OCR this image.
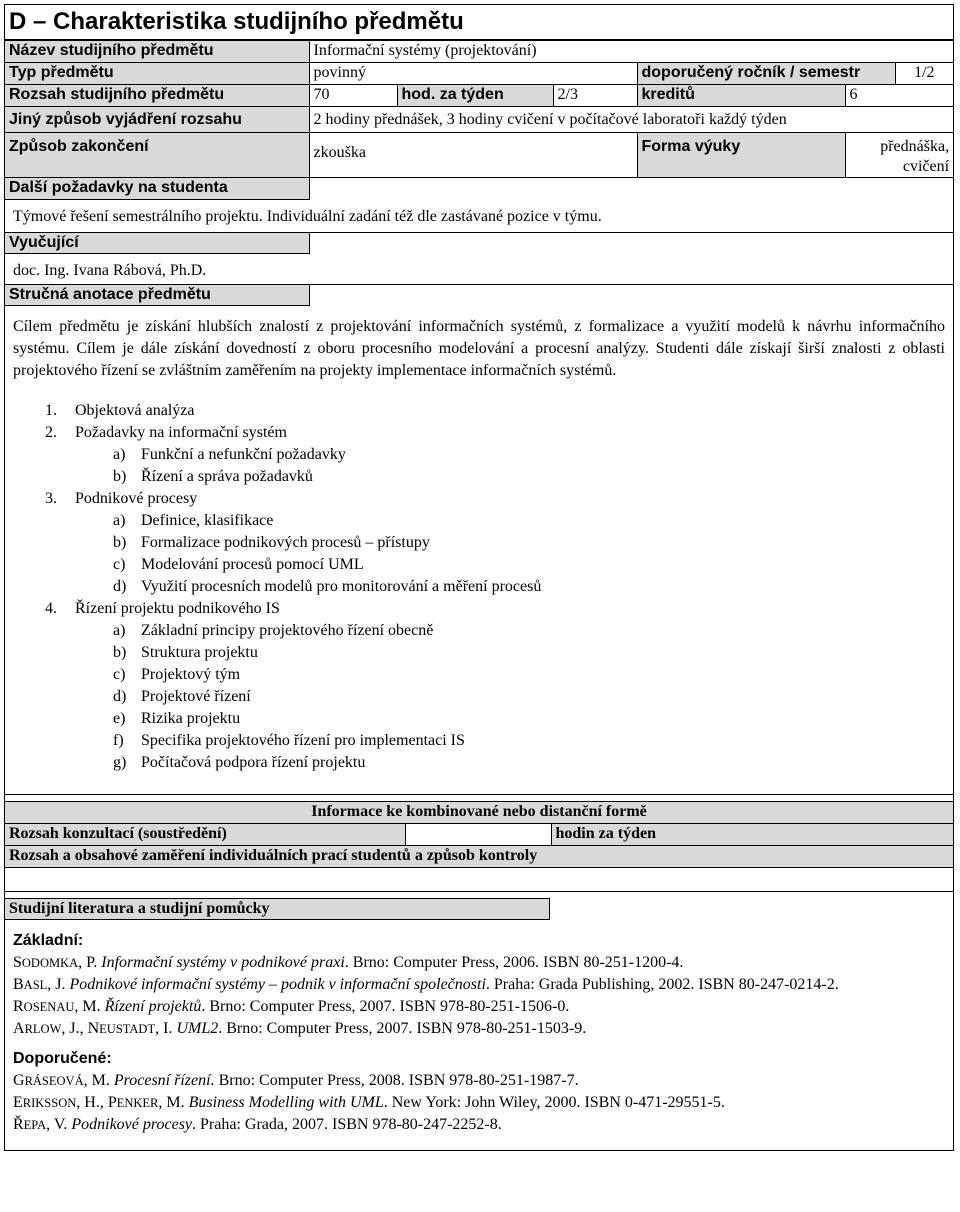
D – Charakteristika studijního předmětu
Název studijního předmětu	Informační systémy (projektování)					
Typ předmětu	povinný			doporučený ročník / semestr		1/2
Rozsah studijního předmětu	70	hod. za týden	2/3	kreditů	6	
Jiný způsob vyjádření rozsahu	2 hodiny přednášek, 3 hodiny cvičení v počítačové laboratoři každý týden					
Způsob zakončení	zkouška			Forma výuky	přednáška, cvičení	
Další požadavky na studenta						
Týmové řešení semestrálního projektu. Individuální zadání též dle zastávané pozice v týmu.
Vyučující
doc. Ing. Ivana Rábová, Ph.D.
Stručná anotace předmětu
Cílem předmětu je získání hlubších znalostí z projektování informačních systémů, z formalizace a využití modelů k návrhu informačního systému. Cílem je dále získání dovedností z oboru procesního modelování a procesní analýzy. Studenti dále získají širší znalosti z oblasti projektového řízení se zvláštním zaměřením na projekty implementace informačních systémů.
1. Objektová analýza
2. Požadavky na informační systém
a) Funkční a nefunkční požadavky
b) Řízení a správa požadavků
3. Podnikové procesy
a) Definice, klasifikace
b) Formalizace podnikových procesů – přístupy
c) Modelování procesů pomocí UML
d) Využití procesních modelů pro monitorování a měření procesů
4. Řízení projektu podnikového IS
a) Základní principy projektového řízení obecně
b) Struktura projektu
c) Projektový tým
d) Projektové řízení
e) Rizika projektu
f) Specifika projektového řízení pro implementaci IS
g) Počítačová podpora řízení projektu
Informace ke kombinované nebo distanční formě
Rozsah konzultací (soustředění)		hodin za týden
Rozsah a obsahové zaměření individuálních prací studentů a způsob kontroly

Studijní literatura a studijní pomůcky
Základní:
SODOMKA, P. Informační systémy v podnikové praxi. Brno: Computer Press, 2006. ISBN 80-251-1200-4.
BASL, J. Podnikové informační systémy – podnik v informační společnosti. Praha: Grada Publishing, 2002. ISBN 80-247-0214-2.
ROSENAU, M. Řízení projektů. Brno: Computer Press, 2007. ISBN 978-80-251-1506-0.
ARLOW, J., NEUSTADT, I. UML2. Brno: Computer Press, 2007. ISBN 978-80-251-1503-9.
Doporučené:
GRÁSEOVÁ, M. Procesní řízení. Brno: Computer Press, 2008. ISBN 978-80-251-1987-7.
ERIKSSON, H., PENKER, M. Business Modelling with UML. New York: John Wiley, 2000. ISBN 0-471-29551-5.
ŘEPA, V. Podnikové procesy. Praha: Grada, 2007. ISBN 978-80-247-2252-8.
